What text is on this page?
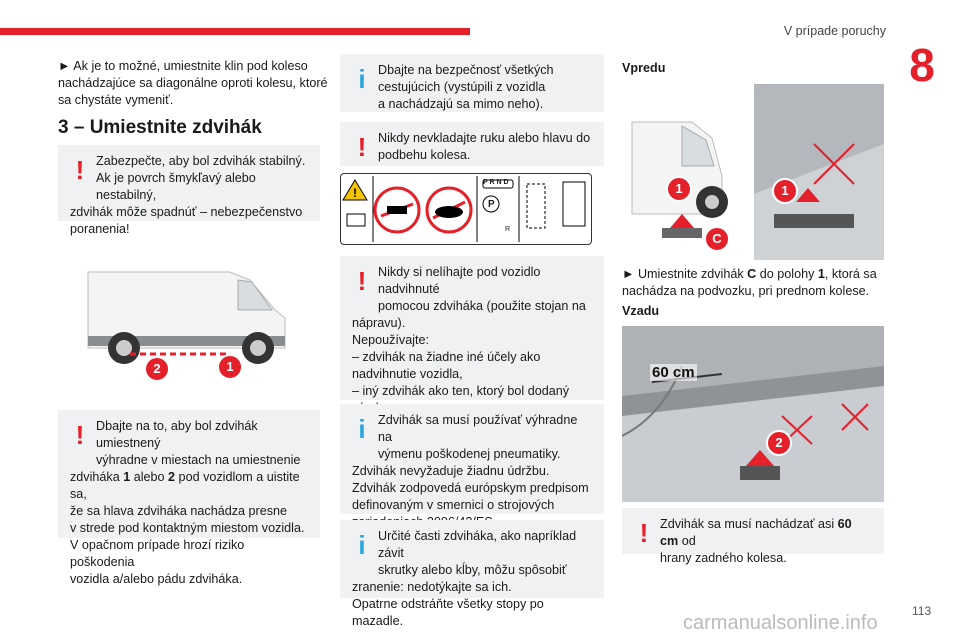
V prípade poruchy
8
► Ak je to možné, umiestnite klin pod koleso
nachádzajúce sa diagonálne oproti kolesu, ktoré
sa chystáte vymeniť.
3 – Umiestnite zdvihák
! Zabezpečte, aby bol zdvihák stabilný.
Ak je povrch šmykľavý alebo nestabilný,
zdvihák môže spadnúť – nebezpečenstvo
poranenia!
2	1
! Dbajte na to, aby bol zdvihák umiestnený
výhradne v miestach na umiestnenie
zdviháka 1 alebo 2 pod vozidlom a uistite sa,
že sa hlava zdviháka nachádza presne
v strede pod kontaktným miestom vozidla.
V opačnom prípade hrozí riziko poškodenia
vozidla a/alebo pádu zdviháka.
i Dbajte na bezpečnosť všetkých
cestujúcich (vystúpili z vozidla
a nachádzajú sa mimo neho).
! Nikdy nevkladajte ruku alebo hlavu do
podbehu kolesa.
!
P R N D
P
R
! Nikdy si nelíhajte pod vozidlo nadvihnuté
pomocou zdviháka (použite stojan na
nápravu).
Nepoužívajte:
– zdvihák na žiadne iné účely ako
nadvihnutie vozidla,
– iný zdvihák ako ten, ktorý bol dodaný
i Zdvihák sa musí používať výhradne na
výmenu poškodenej pneumatiky.
Zdvihák nevyžaduje žiadnu údržbu.
Zdvihák zodpovedá európskym predpisom
definovaným v smernici o strojových
i Určité časti zdviháka, ako napríklad závit
skrutky alebo kĺby, môžu spôsobiť
zranenie: nedotýkajte sa ich.
Opatrne odstráňte všetky stopy po mazadle.
Vpredu
1	1
C
► Umiestnite zdvihák C do polohy 1, ktorá sa
nachádza na podvozku, pri prednom kolese.
Vzadu
60 cm
2
! Zdvihák sa musí nachádzať asi 60 cm od
hrany zadného kolesa.
113
carmanualsonline.info
